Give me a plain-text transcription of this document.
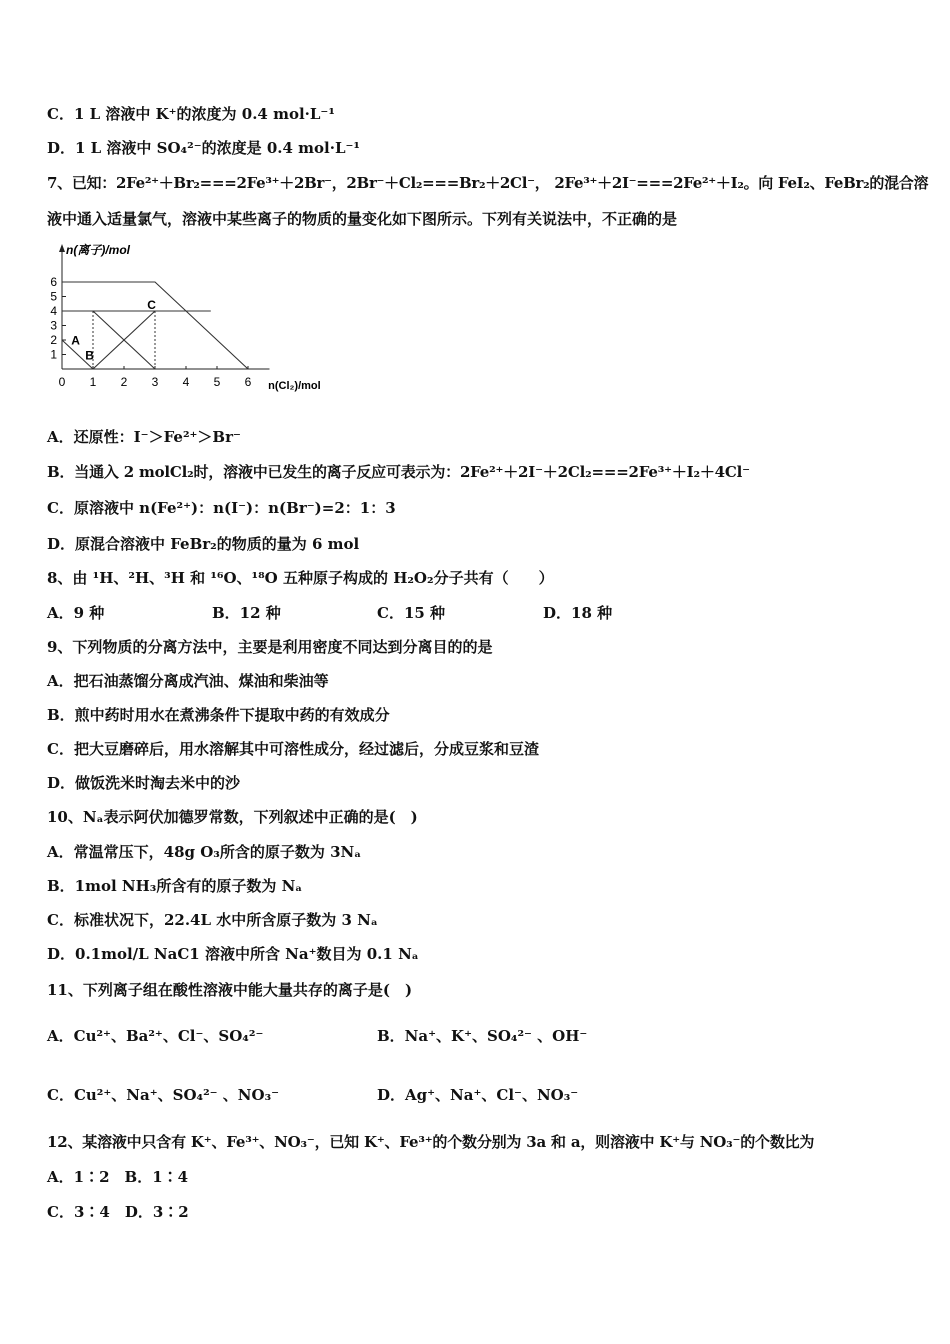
C．1 L 溶液中 K⁺的浓度为 0.4 mol·L⁻¹
D．1 L 溶液中 SO₄²⁻的浓度是 0.4 mol·L⁻¹
7、已知：2Fe²⁺＋Br₂===2Fe³⁺＋2Br⁻，2Br⁻＋Cl₂===Br₂＋2Cl⁻， 2Fe³⁺＋2I⁻===2Fe²⁺＋I₂。向 FeI₂、FeBr₂的混合溶
液中通入适量氯气，溶液中某些离子的物质的量变化如下图所示。下列有关说法中，不正确的是
n(离子)/mol
n(Cl₂)/mol
0 1 2 3 4 5 6
1
2
3
4
5
6
A
B
C
A．还原性：I⁻＞Fe²⁺＞Br⁻
B．当通入 2 molCl₂时，溶液中已发生的离子反应可表示为：2Fe²⁺＋2I⁻＋2Cl₂===2Fe³⁺＋I₂＋4Cl⁻
C．原溶液中 n(Fe²⁺)：n(I⁻)：n(Br⁻)=2：1：3
D．原混合溶液中 FeBr₂的物质的量为 6 mol
8、由 ¹H、²H、³H 和 ¹⁶O、¹⁸O 五种原子构成的 H₂O₂分子共有（　　）
A．9 种	B．12 种	C．15 种	D．18 种
9、下列物质的分离方法中，主要是利用密度不同达到分离目的的是
A．把石油蒸馏分离成汽油、煤油和柴油等
B．煎中药时用水在煮沸条件下提取中药的有效成分
C．把大豆磨碎后，用水溶解其中可溶性成分，经过滤后，分成豆浆和豆渣
D．做饭洗米时淘去米中的沙
10、Nₐ表示阿伏加德罗常数，下列叙述中正确的是(　)
A．常温常压下，48g O₃所含的原子数为 3Nₐ
B．1mol NH₃所含有的原子数为 Nₐ
C．标准状况下，22.4L 水中所含原子数为 3 Nₐ
D．0.1mol/L NaC1 溶液中所含 Na⁺数目为 0.1 Nₐ
11、下列离子组在酸性溶液中能大量共存的离子是(　)
A．Cu²⁺、Ba²⁺、Cl⁻、SO₄²⁻	B．Na⁺、K⁺、SO₄²⁻ 、OH⁻
C．Cu²⁺、Na⁺、SO₄²⁻ 、NO₃⁻	D．Ag⁺、Na⁺、Cl⁻、NO₃⁻
12、某溶液中只含有 K⁺、Fe³⁺、NO₃⁻，已知 K⁺、Fe³⁺的个数分别为 3a 和 a，则溶液中 K⁺与 NO₃⁻的个数比为
A．1∶2　B．1∶4
C．3∶4　D．3∶2
